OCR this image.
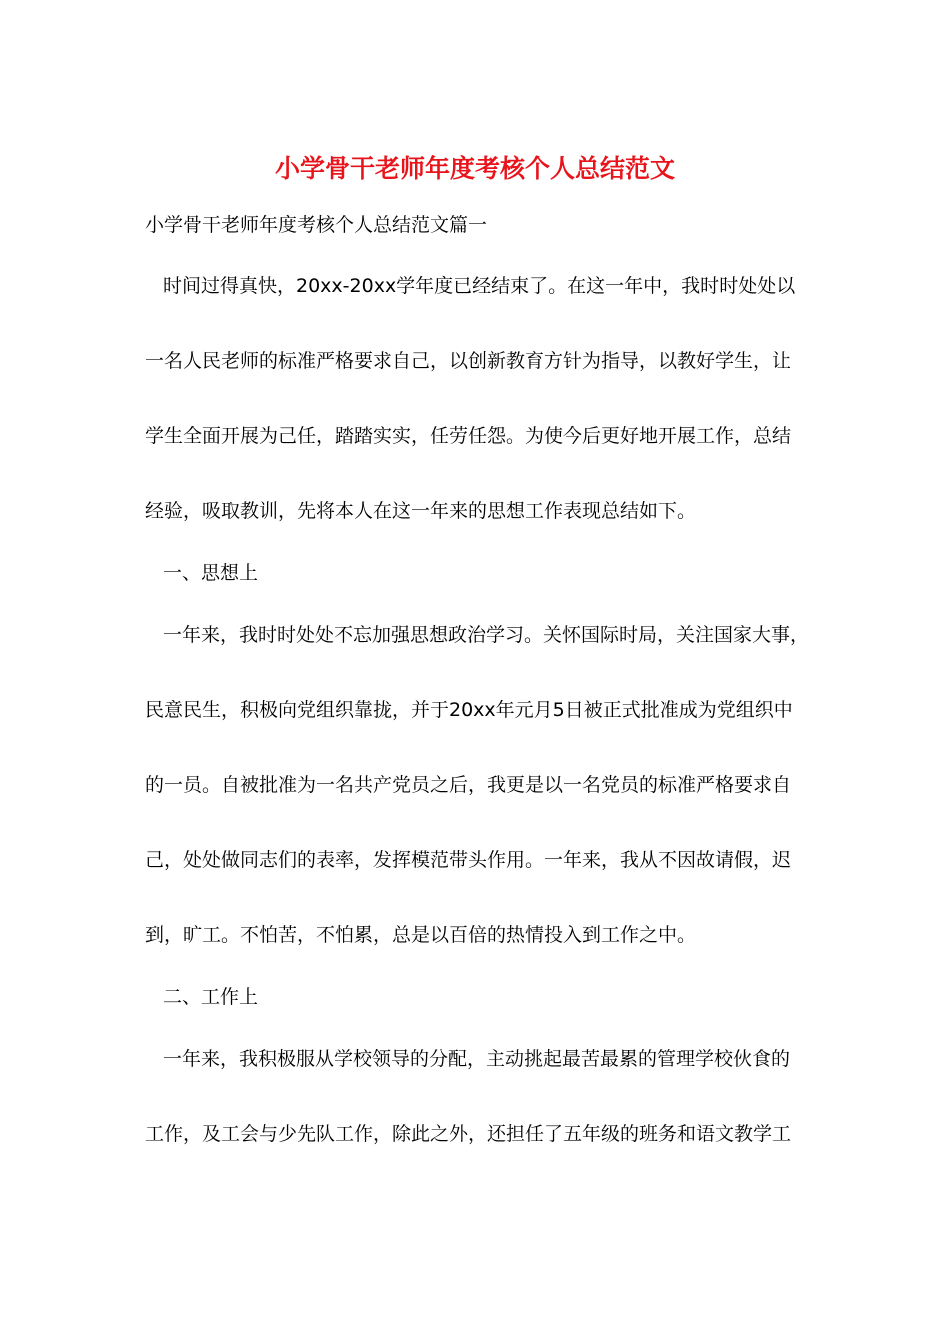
小学骨干老师年度考核个人总结范文

小学骨干老师年度考核个人总结范文篇一

时间过得真快，20xx-20xx学年度已经结束了。在这一年中，我时时处处以

一名人民老师的标准严格要求自己，以创新教育方针为指导，以教好学生，让

学生全面开展为己任，踏踏实实，任劳任怨。为使今后更好地开展工作，总结

经验，吸取教训，先将本人在这一年来的思想工作表现总结如下。

一、思想上

一年来，我时时处处不忘加强思想政治学习。关怀国际时局，关注国家大事，

民意民生，积极向党组织靠拢，并于20xx年元月5日被正式批准成为党组织中

的一员。自被批准为一名共产党员之后，我更是以一名党员的标准严格要求自

己，处处做同志们的表率，发挥模范带头作用。一年来，我从不因故请假，迟

到，旷工。不怕苦，不怕累，总是以百倍的热情投入到工作之中。

二、工作上

一年来，我积极服从学校领导的分配，主动挑起最苦最累的管理学校伙食的

工作，及工会与少先队工作，除此之外，还担任了五年级的班务和语文教学工
